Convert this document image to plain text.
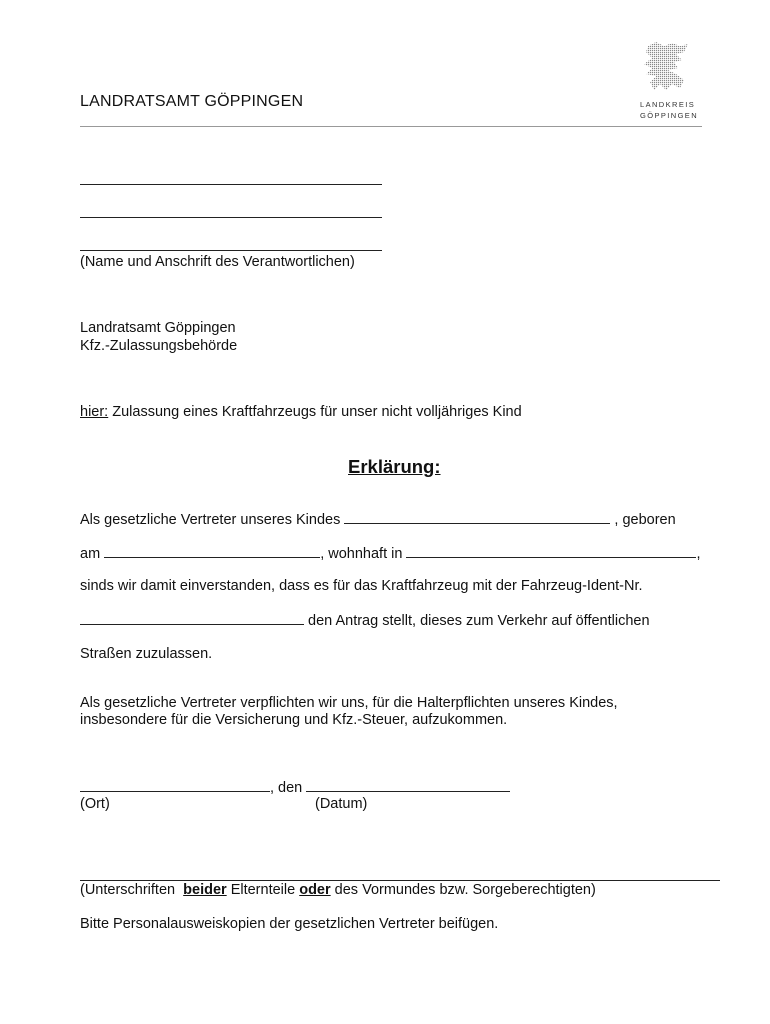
LANDRATSAMT GÖPPINGEN	LANDKREIS
GÖPPINGEN
(Name und Anschrift des Verantwortlichen)
Landratsamt Göppingen
Kfz.-Zulassungsbehörde
hier: Zulassung eines Kraftfahrzeugs für unser nicht volljähriges Kind
Erklärung:
Als gesetzliche Vertreter unseres Kindes	, geboren
am	, wohnhaft in	,
sinds wir damit einverstanden, dass es für das Kraftfahrzeug mit der Fahrzeug-Ident-Nr.
den Antrag stellt, dieses zum Verkehr auf öffentlichen
Straßen zuzulassen.
Als gesetzliche Vertreter verpflichten wir uns, für die Halterpflichten unseres Kindes,
insbesondere für die Versicherung und Kfz.-Steuer, aufzukommen.
, den
(Ort)	(Datum)
(Unterschriften  beider Elternteile oder des Vormundes bzw. Sorgeberechtigten)
Bitte Personalausweiskopien der gesetzlichen Vertreter beifügen.
